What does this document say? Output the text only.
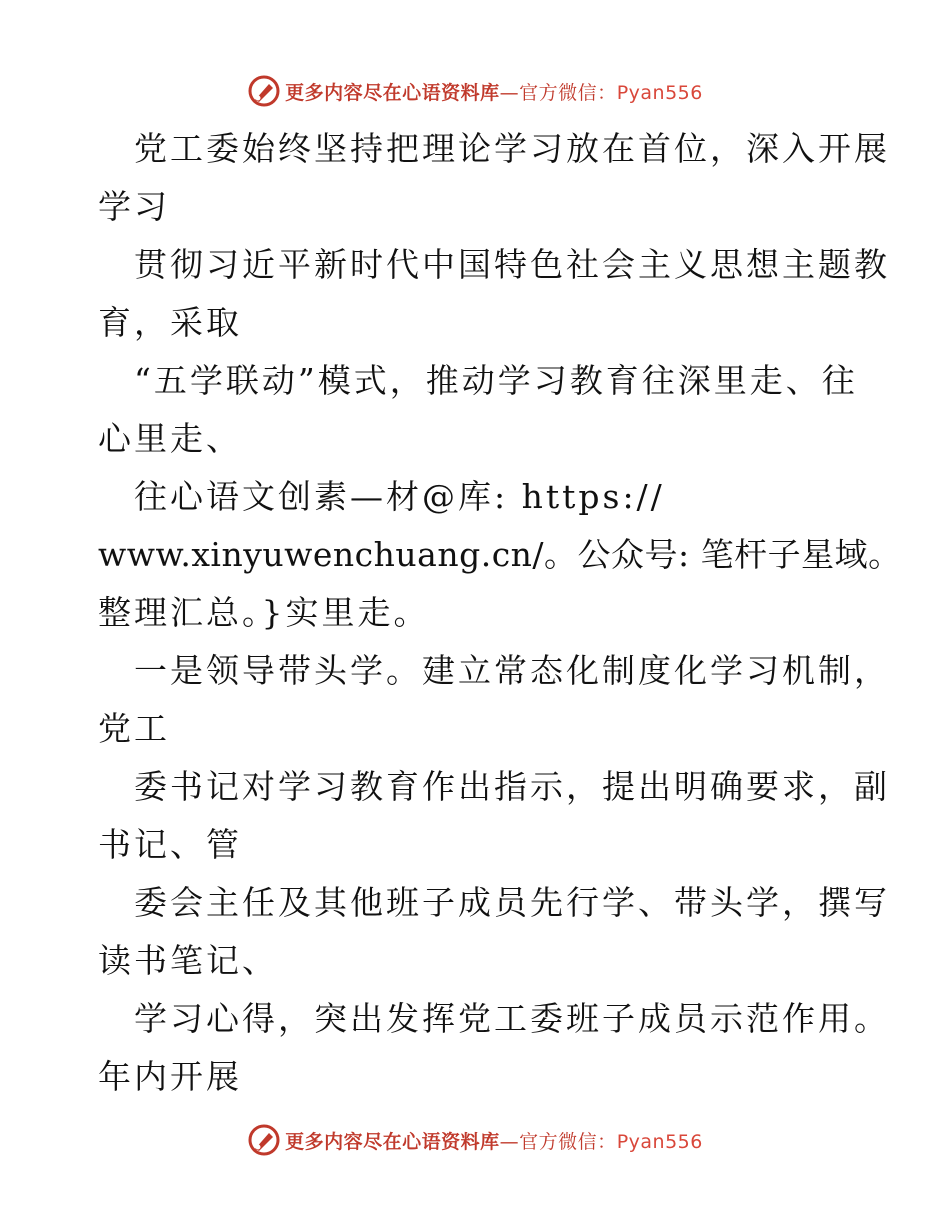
更多内容尽在心语资料库—官方微信：Pyan556
党工委始终坚持把理论学习放在首位，深入开展
学习
贯彻习近平新时代中国特色社会主义思想主题教
育，采取
“五学联动”模式，推动学习教育往深里走、往
心里走、
往心语文创素—材@库: https://
www.xinyuwenchuang.cn/。公众号: 笔杆子星域。
整理汇总。}实里走。
一是领导带头学。建立常态化制度化学习机制，
党工
委书记对学习教育作出指示，提出明确要求，副
书记、管
委会主任及其他班子成员先行学、带头学，撰写
读书笔记、
学习心得，突出发挥党工委班子成员示范作用。
年内开展
更多内容尽在心语资料库—官方微信：Pyan556
